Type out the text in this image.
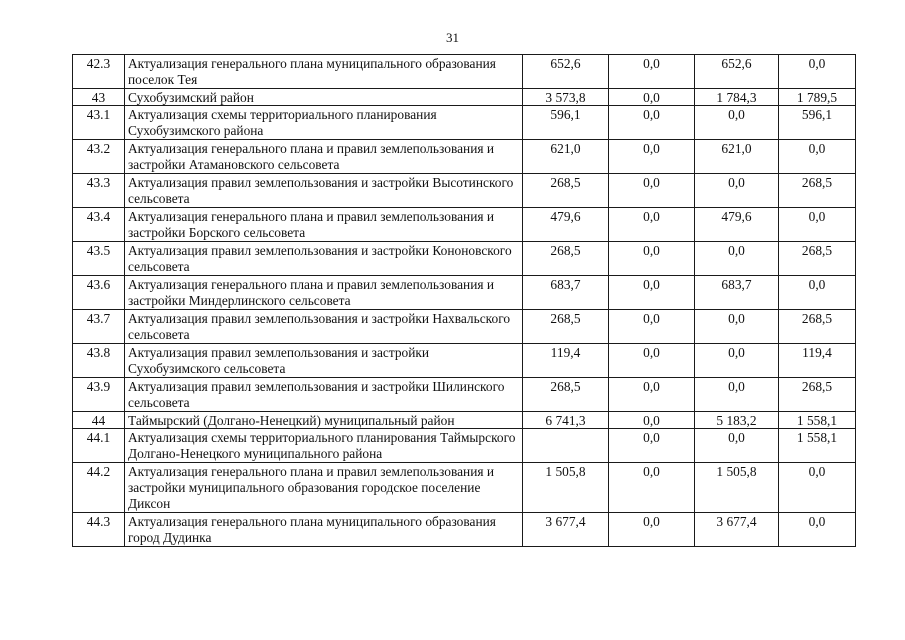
31
42.3	Актуализация генерального плана муниципального образования поселок Тея	652,6	0,0	652,6	0,0
43	Сухобузимский район	3 573,8	0,0	1 784,3	1 789,5
43.1	Актуализация схемы территориального планирования Сухобузимского района	596,1	0,0	0,0	596,1
43.2	Актуализация генерального плана и правил землепользования и застройки Атамановского сельсовета	621,0	0,0	621,0	0,0
43.3	Актуализация правил землепользования и застройки Высотинского сельсовета	268,5	0,0	0,0	268,5
43.4	Актуализация генерального плана и правил землепользования и застройки Борского сельсовета	479,6	0,0	479,6	0,0
43.5	Актуализация правил землепользования и застройки Кононовского сельсовета	268,5	0,0	0,0	268,5
43.6	Актуализация генерального плана и правил землепользования и застройки Миндерлинского сельсовета	683,7	0,0	683,7	0,0
43.7	Актуализация правил землепользования и застройки Нахвальского сельсовета	268,5	0,0	0,0	268,5
43.8	Актуализация правил землепользования и застройки Сухобузимского сельсовета	119,4	0,0	0,0	119,4
43.9	Актуализация правил землепользования и застройки Шилинского сельсовета	268,5	0,0	0,0	268,5
44	Таймырский (Долгано-Ненецкий) муниципальный район	6 741,3	0,0	5 183,2	1 558,1
44.1	Актуализация схемы территориального планирования Таймырского Долгано-Ненецкого муниципального района		0,0	0,0	1 558,1
44.2	Актуализация генерального плана и правил землепользования и застройки муниципального образования городское поселение Диксон	1 505,8	0,0	1 505,8	0,0
44.3	Актуализация генерального плана муниципального образования город Дудинка	3 677,4	0,0	3 677,4	0,0
